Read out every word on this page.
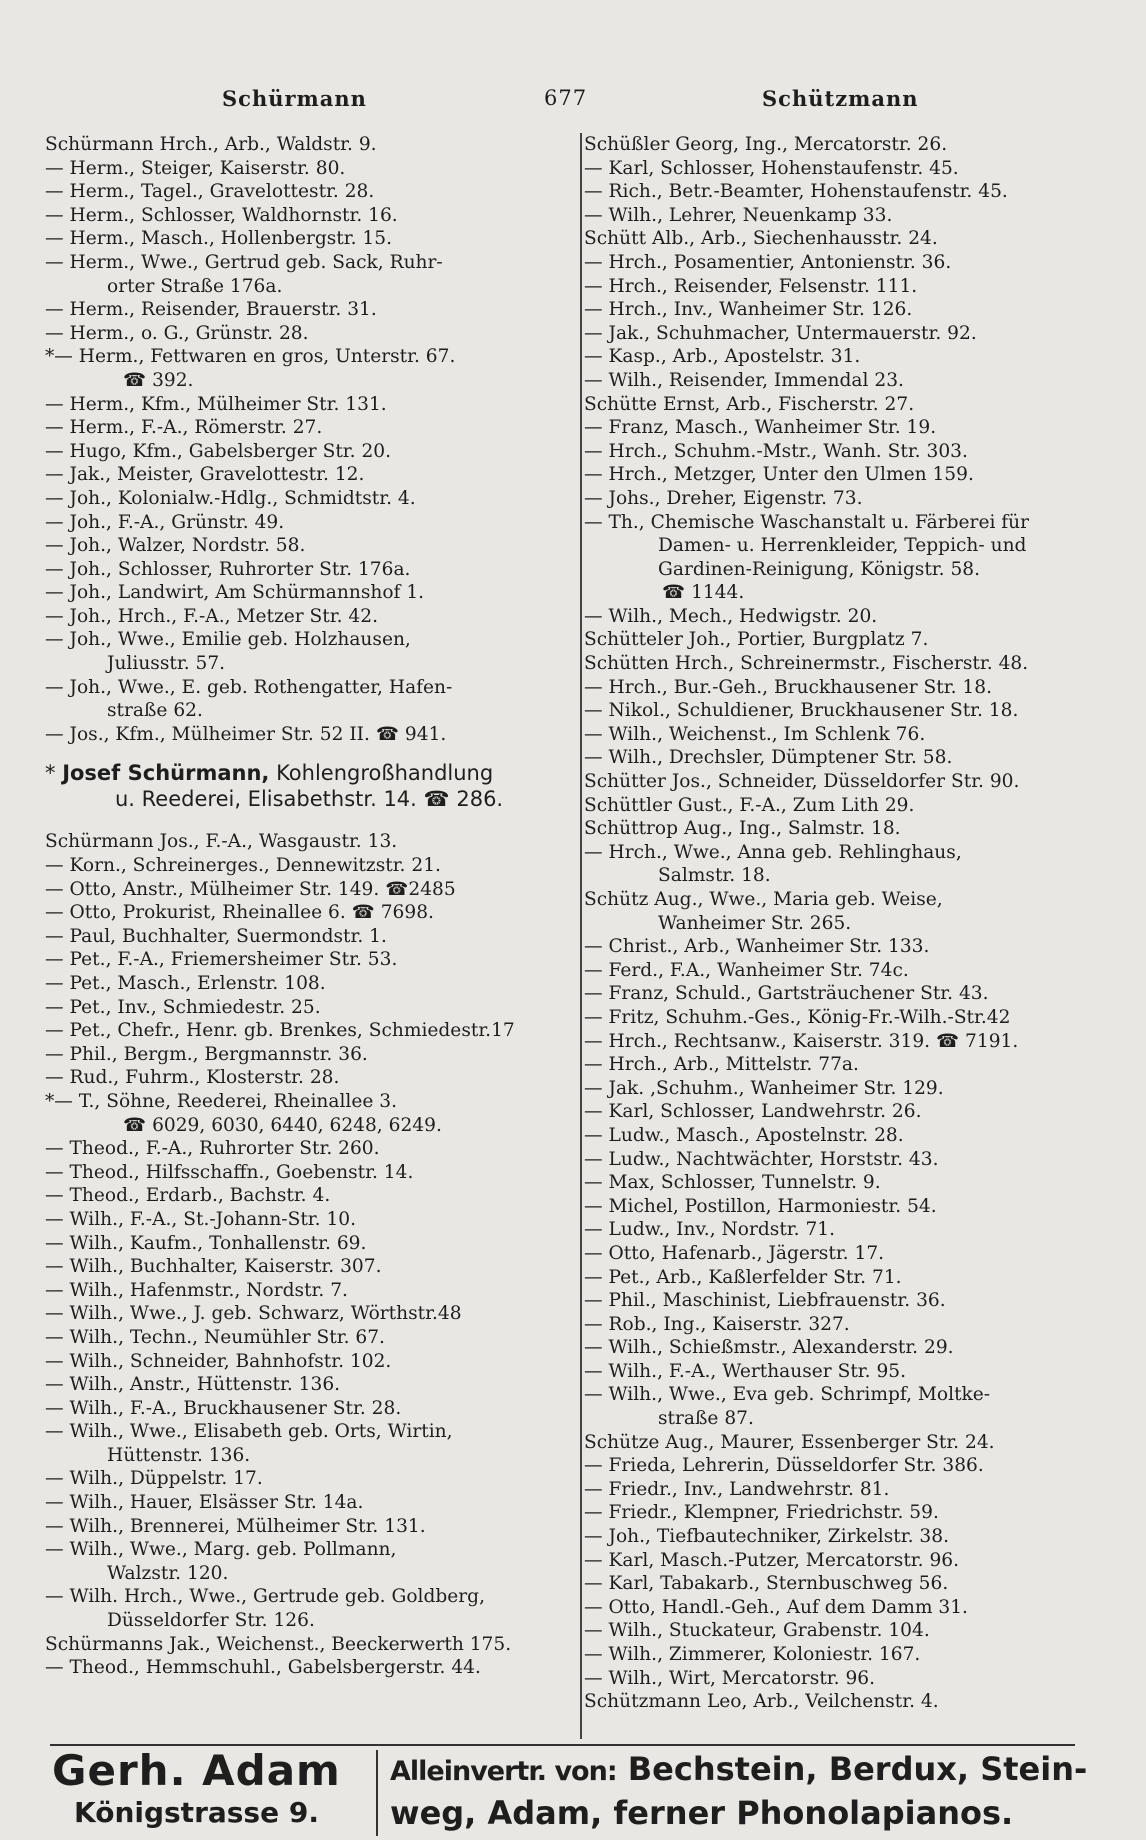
Schürmann	677	Schützmann
Schürmann Hrch., Arb., Waldstr. 9.
— Herm., Steiger, Kaiserstr. 80.
— Herm., Tagel., Gravelottestr. 28.
— Herm., Schlosser, Waldhornstr. 16.
— Herm., Masch., Hollenbergstr. 15.
— Herm., Wwe., Gertrud geb. Sack, Ruhr-
orter Straße 176a.
— Herm., Reisender, Brauerstr. 31.
— Herm., o. G., Grünstr. 28.
*— Herm., Fettwaren en gros, Unterstr. 67.
☎ 392.
— Herm., Kfm., Mülheimer Str. 131.
— Herm., F.-A., Römerstr. 27.
— Hugo, Kfm., Gabelsberger Str. 20.
— Jak., Meister, Gravelottestr. 12.
— Joh., Kolonialw.-Hdlg., Schmidtstr. 4.
— Joh., F.-A., Grünstr. 49.
— Joh., Walzer, Nordstr. 58.
— Joh., Schlosser, Ruhrorter Str. 176a.
— Joh., Landwirt, Am Schürmannshof 1.
— Joh., Hrch., F.-A., Metzer Str. 42.
— Joh., Wwe., Emilie geb. Holzhausen,
Juliusstr. 57.
— Joh., Wwe., E. geb. Rothengatter, Hafen-
straße 62.
— Jos., Kfm., Mülheimer Str. 52 II. ☎ 941.
* Josef Schürmann, Kohlengroßhandlung
u. Reederei, Elisabethstr. 14. ☎ 286.
Schürmann Jos., F.-A., Wasgaustr. 13.
— Korn., Schreinerges., Dennewitzstr. 21.
— Otto, Anstr., Mülheimer Str. 149. ☎2485
— Otto, Prokurist, Rheinallee 6. ☎ 7698.
— Paul, Buchhalter, Suermondstr. 1.
— Pet., F.-A., Friemersheimer Str. 53.
— Pet., Masch., Erlenstr. 108.
— Pet., Inv., Schmiedestr. 25.
— Pet., Chefr., Henr. gb. Brenkes, Schmiedestr.17
— Phil., Bergm., Bergmannstr. 36.
— Rud., Fuhrm., Klosterstr. 28.
*— T., Söhne, Reederei, Rheinallee 3.
☎ 6029, 6030, 6440, 6248, 6249.
— Theod., F.-A., Ruhrorter Str. 260.
— Theod., Hilfsschaffn., Goebenstr. 14.
— Theod., Erdarb., Bachstr. 4.
— Wilh., F.-A., St.-Johann-Str. 10.
— Wilh., Kaufm., Tonhallenstr. 69.
— Wilh., Buchhalter, Kaiserstr. 307.
— Wilh., Hafenmstr., Nordstr. 7.
— Wilh., Wwe., J. geb. Schwarz, Wörthstr.48
— Wilh., Techn., Neumühler Str. 67.
— Wilh., Schneider, Bahnhofstr. 102.
— Wilh., Anstr., Hüttenstr. 136.
— Wilh., F.-A., Bruckhausener Str. 28.
— Wilh., Wwe., Elisabeth geb. Orts, Wirtin,
Hüttenstr. 136.
— Wilh., Düppelstr. 17.
— Wilh., Hauer, Elsässer Str. 14a.
— Wilh., Brennerei, Mülheimer Str. 131.
— Wilh., Wwe., Marg. geb. Pollmann,
Walzstr. 120.
— Wilh. Hrch., Wwe., Gertrude geb. Goldberg,
Düsseldorfer Str. 126.
Schürmanns Jak., Weichenst., Beeckerwerth 175.
— Theod., Hemmschuhl., Gabelsbergerstr. 44.
Schüßler Georg, Ing., Mercatorstr. 26.
— Karl, Schlosser, Hohenstaufenstr. 45.
— Rich., Betr.-Beamter, Hohenstaufenstr. 45.
— Wilh., Lehrer, Neuenkamp 33.
Schütt Alb., Arb., Siechenhausstr. 24.
— Hrch., Posamentier, Antonienstr. 36.
— Hrch., Reisender, Felsenstr. 111.
— Hrch., Inv., Wanheimer Str. 126.
— Jak., Schuhmacher, Untermauerstr. 92.
— Kasp., Arb., Apostelstr. 31.
— Wilh., Reisender, Immendal 23.
Schütte Ernst, Arb., Fischerstr. 27.
— Franz, Masch., Wanheimer Str. 19.
— Hrch., Schuhm.-Mstr., Wanh. Str. 303.
— Hrch., Metzger, Unter den Ulmen 159.
— Johs., Dreher, Eigenstr. 73.
— Th., Chemische Waschanstalt u. Färberei für
Damen- u. Herrenkleider, Teppich- und
Gardinen-Reinigung, Königstr. 58.
☎ 1144.
— Wilh., Mech., Hedwigstr. 20.
Schütteler Joh., Portier, Burgplatz 7.
Schütten Hrch., Schreinermstr., Fischerstr. 48.
— Hrch., Bur.-Geh., Bruckhausener Str. 18.
— Nikol., Schuldiener, Bruckhausener Str. 18.
— Wilh., Weichenst., Im Schlenk 76.
— Wilh., Drechsler, Dümptener Str. 58.
Schütter Jos., Schneider, Düsseldorfer Str. 90.
Schüttler Gust., F.-A., Zum Lith 29.
Schüttrop Aug., Ing., Salmstr. 18.
— Hrch., Wwe., Anna geb. Rehlinghaus,
Salmstr. 18.
Schütz Aug., Wwe., Maria geb. Weise,
Wanheimer Str. 265.
— Christ., Arb., Wanheimer Str. 133.
— Ferd., F.A., Wanheimer Str. 74c.
— Franz, Schuld., Gartsträuchener Str. 43.
— Fritz, Schuhm.-Ges., König-Fr.-Wilh.-Str.42
— Hrch., Rechtsanw., Kaiserstr. 319. ☎ 7191.
— Hrch., Arb., Mittelstr. 77a.
— Jak. ,Schuhm., Wanheimer Str. 129.
— Karl, Schlosser, Landwehrstr. 26.
— Ludw., Masch., Apostelnstr. 28.
— Ludw., Nachtwächter, Horststr. 43.
— Max, Schlosser, Tunnelstr. 9.
— Michel, Postillon, Harmoniestr. 54.
— Ludw., Inv., Nordstr. 71.
— Otto, Hafenarb., Jägerstr. 17.
— Pet., Arb., Kaßlerfelder Str. 71.
— Phil., Maschinist, Liebfrauenstr. 36.
— Rob., Ing., Kaiserstr. 327.
— Wilh., Schießmstr., Alexanderstr. 29.
— Wilh., F.-A., Werthauser Str. 95.
— Wilh., Wwe., Eva geb. Schrimpf, Moltke-
straße 87.
Schütze Aug., Maurer, Essenberger Str. 24.
— Frieda, Lehrerin, Düsseldorfer Str. 386.
— Friedr., Inv., Landwehrstr. 81.
— Friedr., Klempner, Friedrichstr. 59.
— Joh., Tiefbautechniker, Zirkelstr. 38.
— Karl, Masch.-Putzer, Mercatorstr. 96.
— Karl, Tabakarb., Sternbuschweg 56.
— Otto, Handl.-Geh., Auf dem Damm 31.
— Wilh., Stuckateur, Grabenstr. 104.
— Wilh., Zimmerer, Koloniestr. 167.
— Wilh., Wirt, Mercatorstr. 96.
Schützmann Leo, Arb., Veilchenstr. 4.
Gerh. Adam
Königstrasse 9.
Alleinvertr. von: Bechstein, Berdux, Stein-
weg, Adam, ferner Phonolapianos.
